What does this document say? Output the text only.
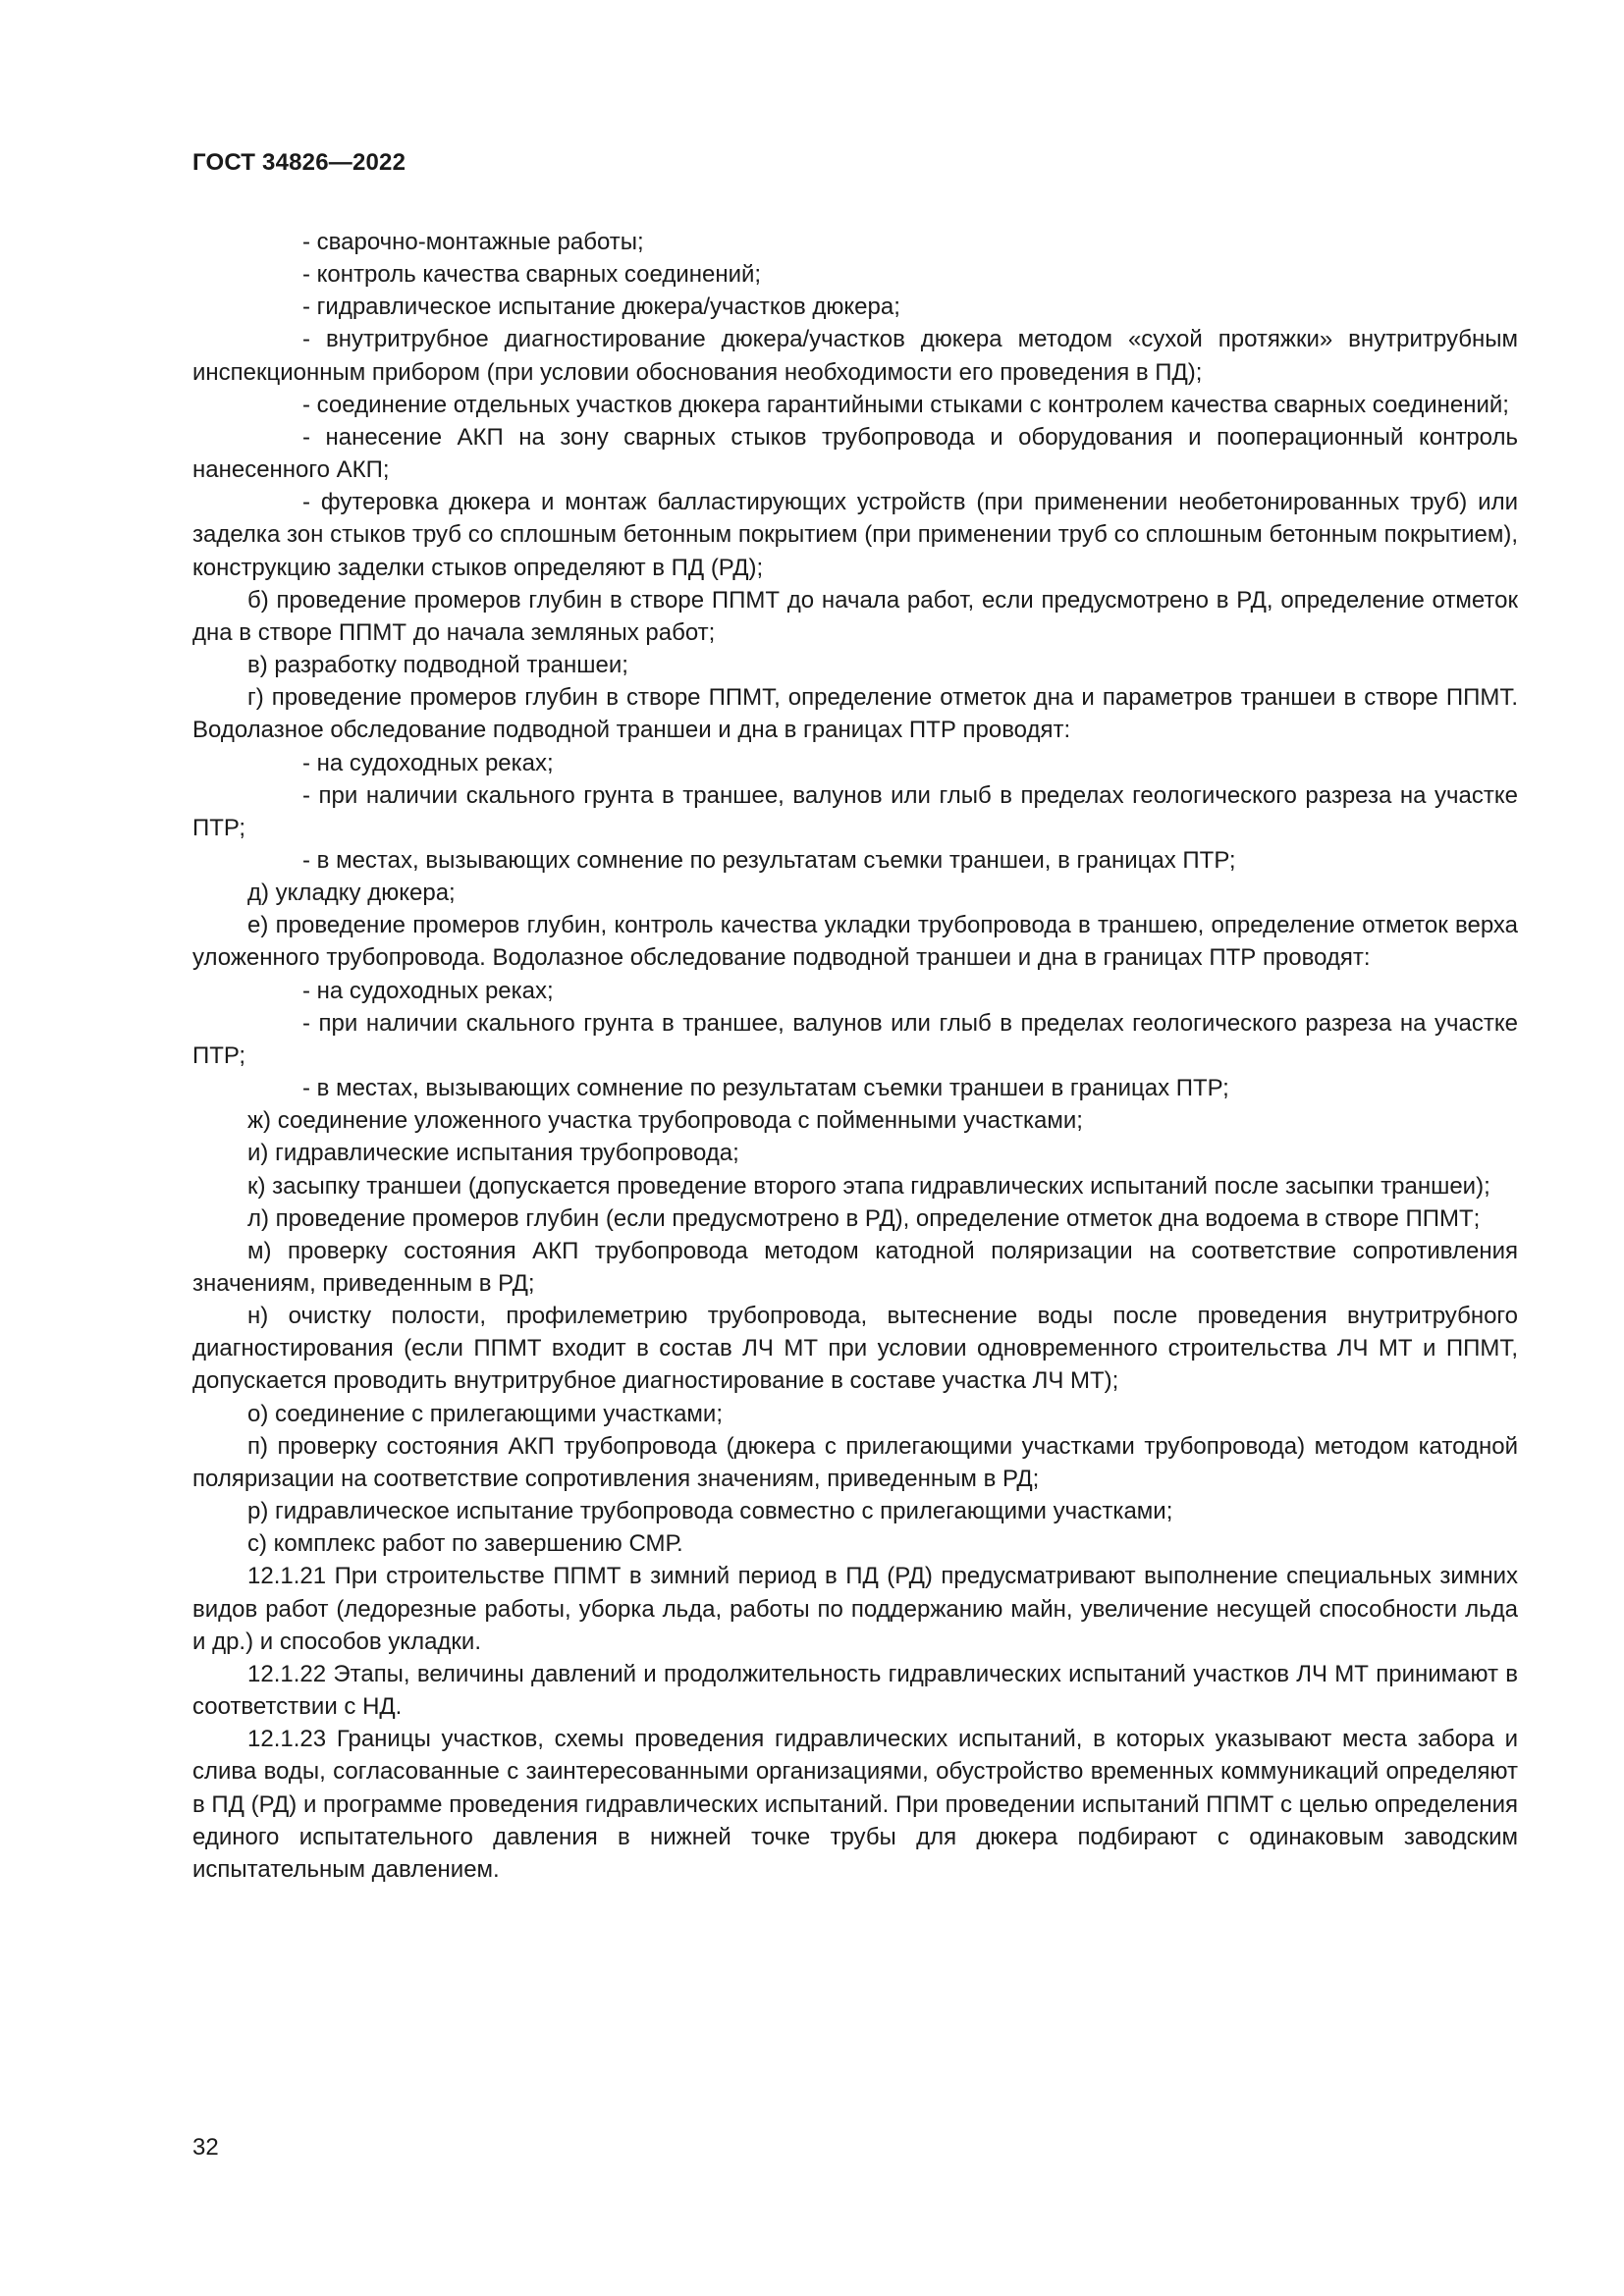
ГОСТ 34826—2022

- сварочно-монтажные работы;

- контроль качества сварных соединений;

- гидравлическое испытание дюкера/участков дюкера;

- внутритрубное диагностирование дюкера/участков дюкера методом «сухой протяжки» внутритрубным инспекционным прибором (при условии обоснования необходимости его проведения в ПД);

- соединение отдельных участков дюкера гарантийными стыками с контролем качества сварных соединений;

- нанесение АКП на зону сварных стыков трубопровода и оборудования и пооперационный контроль нанесенного АКП;

- футеровка дюкера и монтаж балластирующих устройств (при применении необетонированных труб) или заделка зон стыков труб со сплошным бетонным покрытием (при применении труб со сплошным бетонным покрытием), конструкцию заделки стыков определяют в ПД (РД);

б) проведение промеров глубин в створе ППМТ до начала работ, если предусмотрено в РД, определение отметок дна в створе ППМТ до начала земляных работ;

в) разработку подводной траншеи;

г) проведение промеров глубин в створе ППМТ, определение отметок дна и параметров траншеи в створе ППМТ. Водолазное обследование подводной траншеи и дна в границах ПТР проводят:

- на судоходных реках;

- при наличии скального грунта в траншее, валунов или глыб в пределах геологического разреза на участке ПТР;

- в местах, вызывающих сомнение по результатам съемки траншеи, в границах ПТР;

д) укладку дюкера;

е) проведение промеров глубин, контроль качества укладки трубопровода в траншею, определение отметок верха уложенного трубопровода. Водолазное обследование подводной траншеи и дна в границах ПТР проводят:

- на судоходных реках;

- при наличии скального грунта в траншее, валунов или глыб в пределах геологического разреза на участке ПТР;

- в местах, вызывающих сомнение по результатам съемки траншеи в границах ПТР;

ж) соединение уложенного участка трубопровода с пойменными участками;

и) гидравлические испытания трубопровода;

к) засыпку траншеи (допускается проведение второго этапа гидравлических испытаний после засыпки траншеи);

л) проведение промеров глубин (если предусмотрено в РД), определение отметок дна водоема в створе ППМТ;

м) проверку состояния АКП трубопровода методом катодной поляризации на соответствие сопротивления значениям, приведенным в РД;

н) очистку полости, профилеметрию трубопровода, вытеснение воды после проведения внутритрубного диагностирования (если ППМТ входит в состав ЛЧ МТ при условии одновременного строительства ЛЧ МТ и ППМТ, допускается проводить внутритрубное диагностирование в составе участка ЛЧ МТ);

о) соединение с прилегающими участками;

п) проверку состояния АКП трубопровода (дюкера с прилегающими участками трубопровода) методом катодной поляризации на соответствие сопротивления значениям, приведенным в РД;

р) гидравлическое испытание трубопровода совместно с прилегающими участками;

с) комплекс работ по завершению СМР.

12.1.21 При строительстве ППМТ в зимний период в ПД (РД) предусматривают выполнение специальных зимних видов работ (ледорезные работы, уборка льда, работы по поддержанию майн, увеличение несущей способности льда и др.) и способов укладки.

12.1.22 Этапы, величины давлений и продолжительность гидравлических испытаний участков ЛЧ МТ принимают в соответствии с НД.

12.1.23 Границы участков, схемы проведения гидравлических испытаний, в которых указывают места забора и слива воды, согласованные с заинтересованными организациями, обустройство временных коммуникаций определяют в ПД (РД) и программе проведения гидравлических испытаний. При проведении испытаний ППМТ с целью определения единого испытательного давления в нижней точке трубы для дюкера подбирают с одинаковым заводским испытательным давлением.

32
